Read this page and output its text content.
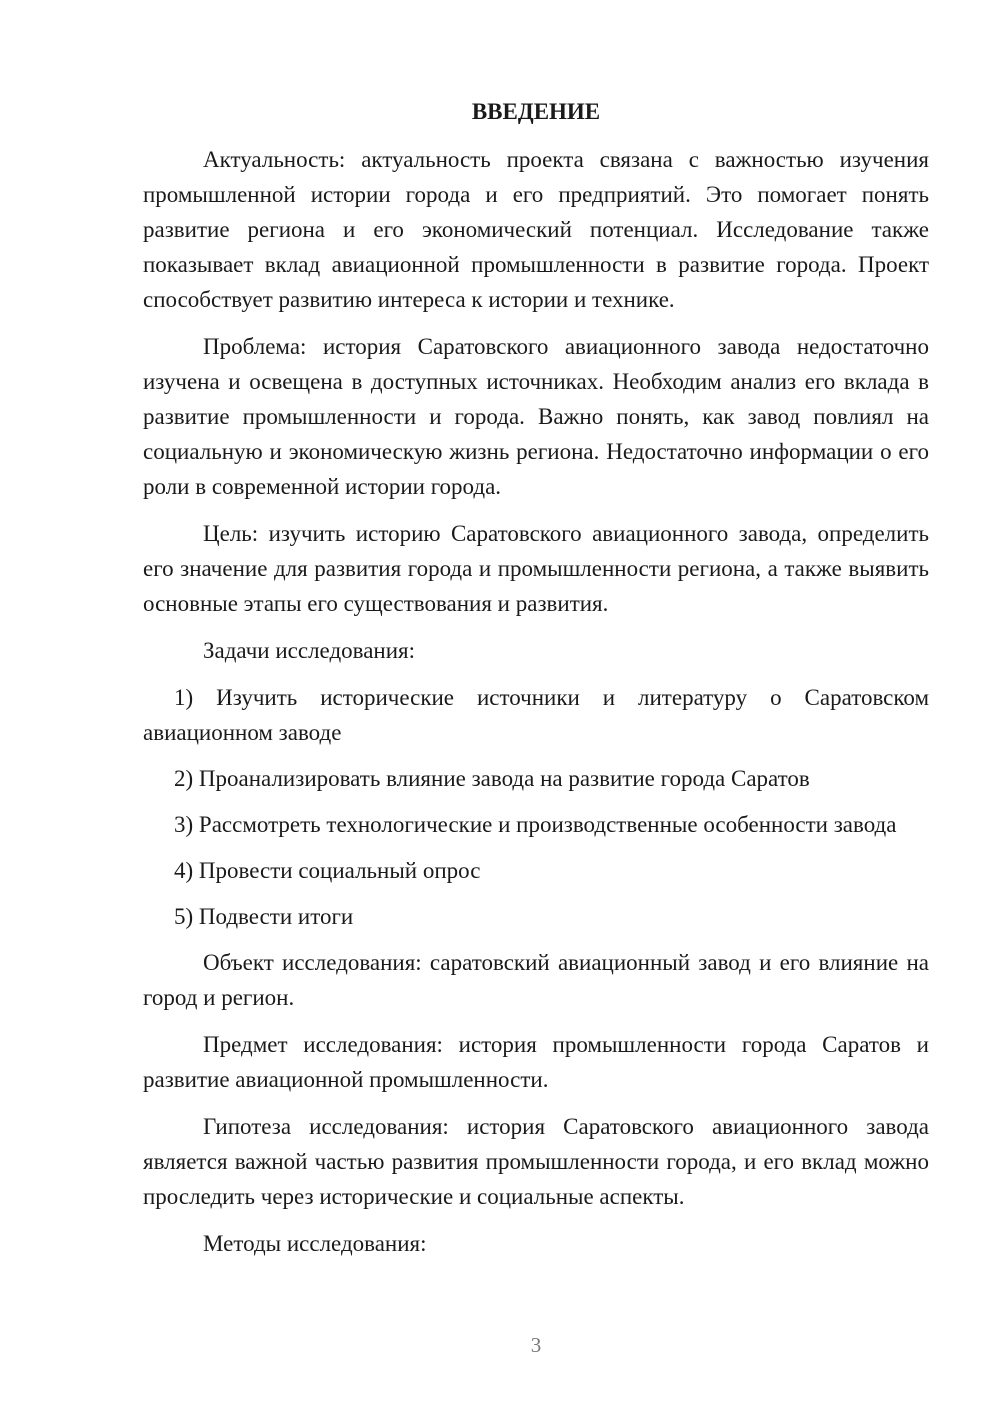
ВВЕДЕНИЕ

Актуальность: актуальность проекта связана с важностью изучения промышленной истории города и его предприятий. Это помогает понять развитие региона и его экономический потенциал. Исследование также показывает вклад авиационной промышленности в развитие города. Проект способствует развитию интереса к истории и технике.

Проблема: история Саратовского авиационного завода недостаточно изучена и освещена в доступных источниках. Необходим анализ его вклада в развитие промышленности и города. Важно понять, как завод повлиял на социальную и экономическую жизнь региона. Недостаточно информации о его роли в современной истории города.

Цель: изучить историю Саратовского авиационного завода, определить его значение для развития города и промышленности региона, а также выявить основные этапы его существования и развития.

Задачи исследования:

1) Изучить исторические источники и литературу о Саратовском авиационном заводе
2) Проанализировать влияние завода на развитие города Саратов
3) Рассмотреть технологические и производственные особенности завода
4) Провести социальный опрос
5) Подвести итоги

Объект исследования: саратовский авиационный завод и его влияние на город и регион.

Предмет исследования: история промышленности города Саратов и развитие авиационной промышленности.

Гипотеза исследования: история Саратовского авиационного завода является важной частью развития промышленности города, и его вклад можно проследить через исторические и социальные аспекты.

Методы исследования:

3
